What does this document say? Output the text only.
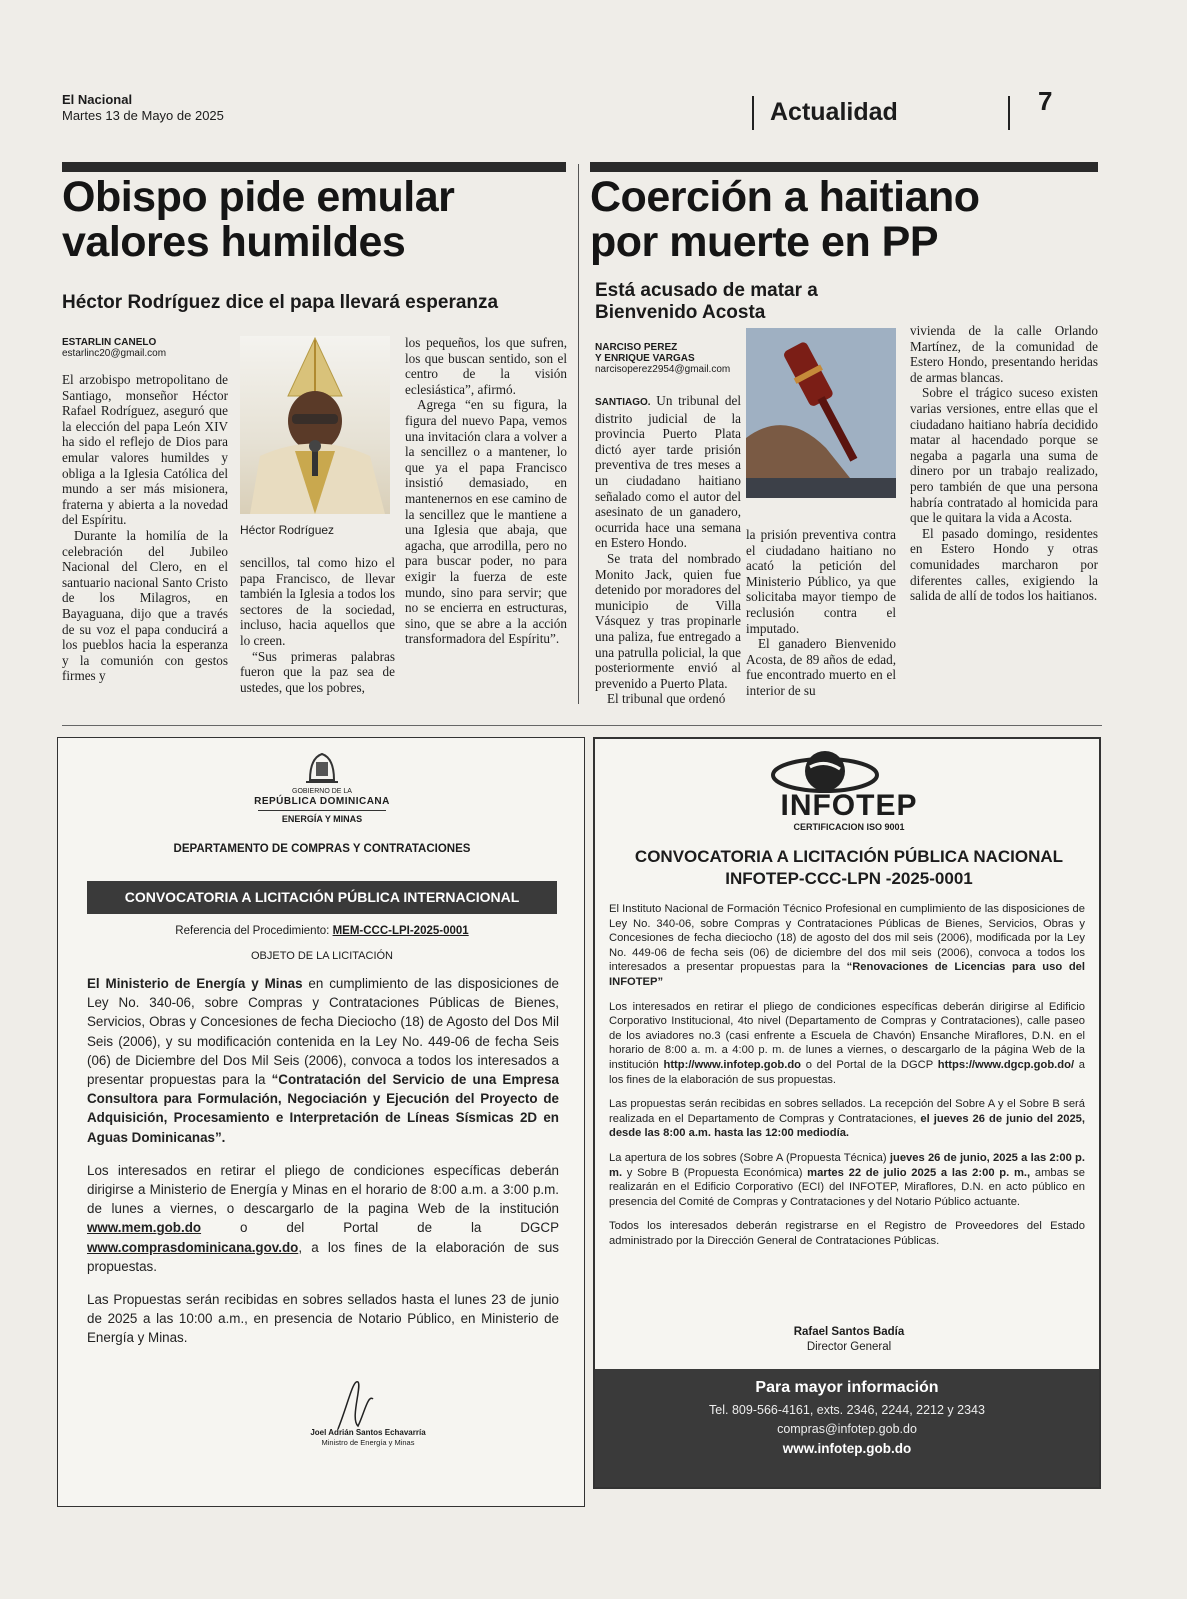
El Nacional
Martes 13 de Mayo de 2025	Actualidad	7
Obispo pide emular
valores humildes
Héctor Rodríguez dice el papa llevará esperanza
ESTARLIN CANELO
estarlinc20@gmail.com

El arzobispo metropolitano de Santiago, monseñor Héctor Rafael Rodríguez, aseguró que la elección del papa León XIV ha sido el reflejo de Dios para emular valores humildes y obliga a la Iglesia Católica del mundo a ser más misionera, fraterna y abierta a la novedad del Espíritu.

Durante la homilía de la celebración del Jubileo Nacional del Clero, en el santuario nacional Santo Cristo de los Milagros, en Bayaguana, dijo que a través de su voz el papa conducirá a los pueblos hacia la esperanza y la comunión con gestos firmes y

Héctor Rodríguez

sencillos, tal como hizo el papa Francisco, de llevar también la Iglesia a todos los sectores de la sociedad, incluso, hacia aquellos que lo creen.

“Sus primeras palabras fueron que la paz sea de ustedes, que los pobres,

los pequeños, los que sufren, los que buscan sentido, son el centro de la visión eclesiástica”, afirmó.

Agrega “en su figura, la figura del nuevo Papa, vemos una invitación clara a volver a la sencillez o a mantener, lo que ya el papa Francisco insistió demasiado, en mantenernos en ese camino de la sencillez que le mantiene a una Iglesia que abaja, que agacha, que arrodilla, pero no para buscar poder, no para exigir la fuerza de este mundo, sino para servir; que no se encierra en estructuras, sino, que se abre a la acción transformadora del Espíritu”.

Coerción a haitiano
por muerte en PP
Está acusado de matar a Bienvenido Acosta
NARCISO PEREZ
Y ENRIQUE VARGAS
narcisoperez2954@gmail.com

SANTIAGO. Un tribunal del distrito judicial de la provincia Puerto Plata dictó ayer tarde prisión preventiva de tres meses a un ciudadano haitiano señalado como el autor del asesinato de un ganadero, ocurrida hace una semana en Estero Hondo.

Se trata del nombrado Monito Jack, quien fue detenido por moradores del municipio de Villa Vásquez y tras propinarle una paliza, fue entregado a una patrulla policial, la que posteriormente envió al prevenido a Puerto Plata.

El tribunal que ordenó

la prisión preventiva contra el ciudadano haitiano no acató la petición del Ministerio Público, ya que solicitaba mayor tiempo de reclusión contra el imputado.

El ganadero Bienvenido Acosta, de 89 años de edad, fue encontrado muerto en el interior de su

vivienda de la calle Orlando Martínez, de la comunidad de Estero Hondo, presentando heridas de armas blancas.

Sobre el trágico suceso existen varias versiones, entre ellas que el ciudadano haitiano habría decidido matar al hacendado porque se negaba a pagarla una suma de dinero por un trabajo realizado, pero también de que una persona habría contratado al homicida para que le quitara la vida a Acosta.

El pasado domingo, residentes en Estero Hondo y otras comunidades marcharon por diferentes calles, exigiendo la salida de allí de todos los haitianos.

GOBIERNO DE LA
REPÚBLICA DOMINICANA
ENERGÍA Y MINAS
DEPARTAMENTO DE COMPRAS Y CONTRATACIONES
CONVOCATORIA A LICITACIÓN PÚBLICA INTERNACIONAL
Referencia del Procedimiento: MEM-CCC-LPI-2025-0001
OBJETO DE LA LICITACIÓN

El Ministerio de Energía y Minas en cumplimiento de las disposiciones de Ley No. 340-06, sobre Compras y Contrataciones Públicas de Bienes, Servicios, Obras y Concesiones de fecha Dieciocho (18) de Agosto del Dos Mil Seis (2006), y su modificación contenida en la Ley No. 449-06 de fecha Seis (06) de Diciembre del Dos Mil Seis (2006), convoca a todos los interesados a presentar propuestas para la “Contratación del Servicio de una Empresa Consultora para Formulación, Negociación y Ejecución del Proyecto de Adquisición, Procesamiento e Interpretación de Líneas Sísmicas 2D en Aguas Dominicanas”.

Los interesados en retirar el pliego de condiciones específicas deberán dirigirse a Ministerio de Energía y Minas en el horario de 8:00 a.m. a 3:00 p.m. de lunes a viernes, o descargarlo de la pagina Web de la institución www.mem.gob.do o del Portal de la DGCP www.comprasdominicana.gov.do, a los fines de la elaboración de sus propuestas.

Las Propuestas serán recibidas en sobres sellados hasta el lunes 23 de junio de 2025 a las 10:00 a.m., en presencia de Notario Público, en Ministerio de Energía y Minas.

Joel Adrián Santos Echavarría
Ministro de Energía y Minas
INFOTEP
CERTIFICACION ISO 9001
CONVOCATORIA A LICITACIÓN PÚBLICA NACIONAL
INFOTEP-CCC-LPN -2025-0001

El Instituto Nacional de Formación Técnico Profesional en cumplimiento de las disposiciones de Ley No. 340-06, sobre Compras y Contrataciones Públicas de Bienes, Servicios, Obras y Concesiones de fecha dieciocho (18) de agosto del dos mil seis (2006), modificada por la Ley No. 449-06 de fecha seis (06) de diciembre del dos mil seis (2006), convoca a todos los interesados a presentar propuestas para la “Renovaciones de Licencias para uso del INFOTEP”

Los interesados en retirar el pliego de condiciones específicas deberán dirigirse al Edificio Corporativo Institucional, 4to nivel (Departamento de Compras y Contrataciones), calle paseo de los aviadores no.3 (casi enfrente a Escuela de Chavón) Ensanche Miraflores, D.N. en el horario de 8:00 a. m. a 4:00 p. m. de lunes a viernes, o descargarlo de la página Web de la institución http://www.infotep.gob.do o del Portal de la DGCP https://www.dgcp.gob.do/ a los fines de la elaboración de sus propuestas.

Las propuestas serán recibidas en sobres sellados. La recepción del Sobre A y el Sobre B será realizada en el Departamento de Compras y Contrataciones, el jueves 26 de junio del 2025, desde las 8:00 a.m. hasta las 12:00 mediodía.

La apertura de los sobres (Sobre A (Propuesta Técnica) jueves 26 de junio, 2025 a las 2:00 p. m. y Sobre B (Propuesta Económica) martes 22 de julio 2025 a las 2:00 p. m., ambas se realizarán en el Edificio Corporativo (ECI) del INFOTEP, Miraflores, D.N. en acto público en presencia del Comité de Compras y Contrataciones y del Notario Público actuante.

Todos los interesados deberán registrarse en el Registro de Proveedores del Estado administrado por la Dirección General de Contrataciones Públicas.

Rafael Santos Badía
Director General
Para mayor información
Tel. 809-566-4161, exts. 2346, 2244, 2212 y 2343
compras@infotep.gob.do
www.infotep.gob.do
